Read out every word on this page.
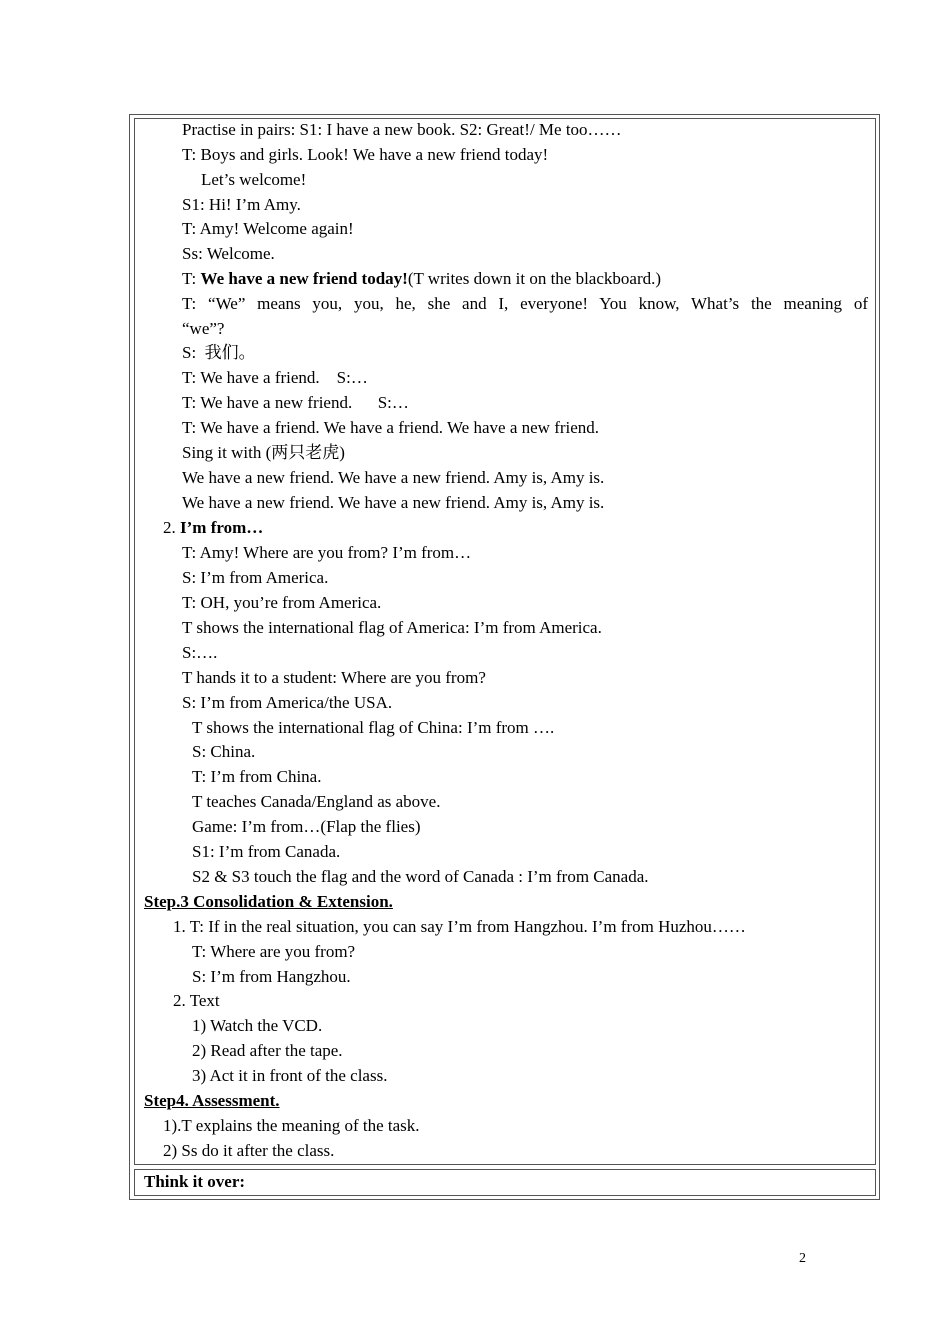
Practise in pairs: S1: I have a new book. S2: Great!/ Me too……
T: Boys and girls. Look! We have a new friend today!
Let’s welcome!
S1: Hi! I’m Amy.
T: Amy! Welcome again!
Ss: Welcome.
T: We have a new friend today!(T writes down it on the blackboard.)
T: “We” means you, you, he, she and I, everyone! You know, What’s the meaning of
“we”?
S:  我们。
T: We have a friend.    S:…
T: We have a new friend.      S:…
T: We have a friend. We have a friend. We have a new friend.
Sing it with (两只老虎)
We have a new friend. We have a new friend. Amy is, Amy is.
We have a new friend. We have a new friend. Amy is, Amy is.
2. I’m from…
T: Amy! Where are you from? I’m from…
S: I’m from America.
T: OH, you’re from America.
T shows the international flag of America: I’m from America.
S:….
T hands it to a student: Where are you from?
S: I’m from America/the USA.
T shows the international flag of China: I’m from ….
S: China.
T: I’m from China.
T teaches Canada/England as above.
Game: I’m from…(Flap the flies)
S1: I’m from Canada.
S2 & S3 touch the flag and the word of Canada : I’m from Canada.
Step.3 Consolidation & Extension.
1. T: If in the real situation, you can say I’m from Hangzhou. I’m from Huzhou……
T: Where are you from?
S: I’m from Hangzhou.
2. Text
1) Watch the VCD.
2) Read after the tape.
3) Act it in front of the class.
Step4. Assessment.
1).T explains the meaning of the task.
2) Ss do it after the class.
Think it over:
2
